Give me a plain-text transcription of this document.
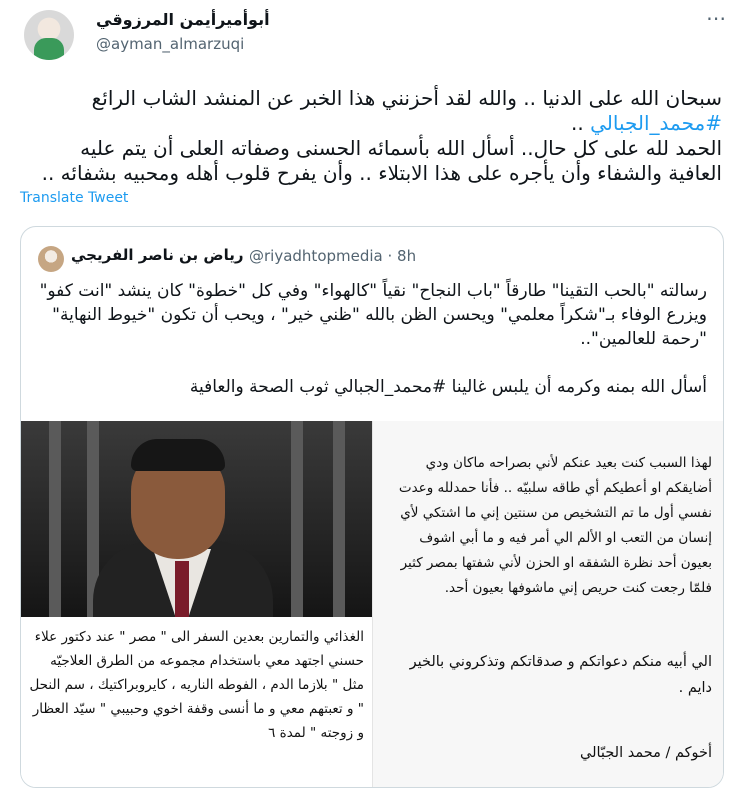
أبوأميرأيمن المرزوقي
@ayman_almarzuqi
⋯
سبحان الله على الدنيا .. والله لقد أحزنني هذا الخبر عن المنشد الشاب الرائع
#محمد_الجبالي ..
الحمد لله على كل حال.. أسأل الله بأسمائه الحسنى وصفاته العلى أن يتم عليه العافية والشفاء وأن يأجره على هذا الابتلاء .. وأن يفرح قلوب أهله ومحبيه بشفائه ..
Translate Tweet
رياض بن ناصر الفريجي @riyadhtopmedia · 8h
رسالته "بالحب التقينا" طارقاً "باب النجاح" نقياً "كالهواء" وفي كل "خطوة" كان ينشد "انت كفو" ويزرع الوفاء بـ"شكراً معلمي" ويحسن الظن بالله "ظني خير" ، ويحب أن تكون "خيوط النهاية" "رحمة للعالمين"..
أسأل الله بمنه وكرمه أن يلبس غالينا #محمد_الجبالي ثوب الصحة والعافية
لهذا السبب كنت بعيد عنكم لأني بصراحه ماكان ودي أضايقكم او أعطيكم أي طاقه سلبيّه .. فأنا حمدلله وعدت نفسي أول ما تم التشخيص من سنتين إني ما اشتكي لأي إنسان من التعب او الألم الي أمر فيه و ما أبي اشوف بعيون أحد نظرة الشفقه او الحزن لأني شفتها بمصر كثير فلمّا رجعت كنت حريص إني ماشوفها بعيون أحد.
الي أبيه منكم دعواتكم و صدقاتكم وتذكروني بالخير دايم .
أخوكم / محمد الجبّالي
الغذائي والتمارين بعدين السفر الى " مصر " عند دكتور علاء حسني اجتهد معي باستخدام مجموعه من الطرق العلاجيّه مثل " بلازما الدم ، الفوطه الناريه ، كايروبراكتيك ، سم النحل " و تعبتهم معي و ما أنسى وقفة اخوي وحبيبي " سيّد العظار و زوجته " لمدة ٦
